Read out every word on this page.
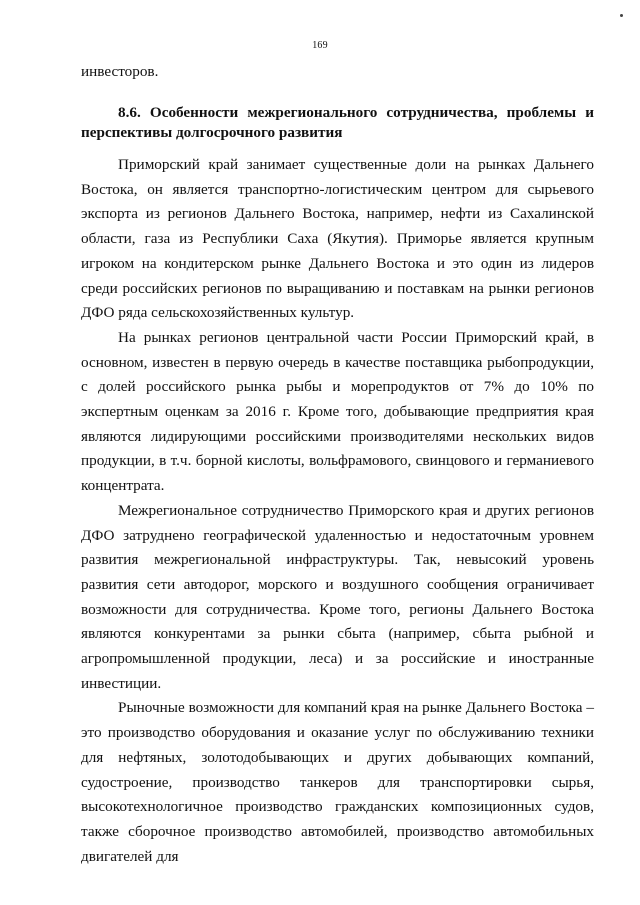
169
инвесторов.

8.6. Особенности межрегионального сотрудничества, проблемы и перспективы долгосрочного развития

Приморский край занимает существенные доли на рынках Дальнего Востока, он является транспортно-логистическим центром для сырьевого экспорта из регионов Дальнего Востока, например, нефти из Сахалинской области, газа из Республики Саха (Якутия). Приморье является крупным игроком на кондитерском рынке Дальнего Востока и это один из лидеров среди российских регионов по выращиванию и поставкам на рынки регионов ДФО ряда сельскохозяйственных культур.

На рынках регионов центральной части России Приморский край, в основном, известен в первую очередь в качестве поставщика рыбопродукции, с долей российского рынка рыбы и морепродуктов от 7% до 10% по экспертным оценкам за 2016 г. Кроме того, добывающие предприятия края являются лидирующими российскими производителями нескольких видов продукции, в т.ч. борной кислоты, вольфрамового, свинцового и германиевого концентрата.

Межрегиональное сотрудничество Приморского края и других регионов ДФО затруднено географической удаленностью и недостаточным уровнем развития межрегиональной инфраструктуры. Так, невысокий уровень развития сети автодорог, морского и воздушного сообщения ограничивает возможности для сотрудничества. Кроме того, регионы Дальнего Востока являются конкурентами за рынки сбыта (например, сбыта рыбной и агропромышленной продукции, леса) и за российские и иностранные инвестиции.

Рыночные возможности для компаний края на рынке Дальнего Востока – это производство оборудования и оказание услуг по обслуживанию техники для нефтяных, золотодобывающих и других добывающих компаний, судостроение, производство танкеров для транспортировки сырья, высокотехнологичное производство гражданских композиционных судов, также сборочное производство автомобилей, производство автомобильных двигателей для
